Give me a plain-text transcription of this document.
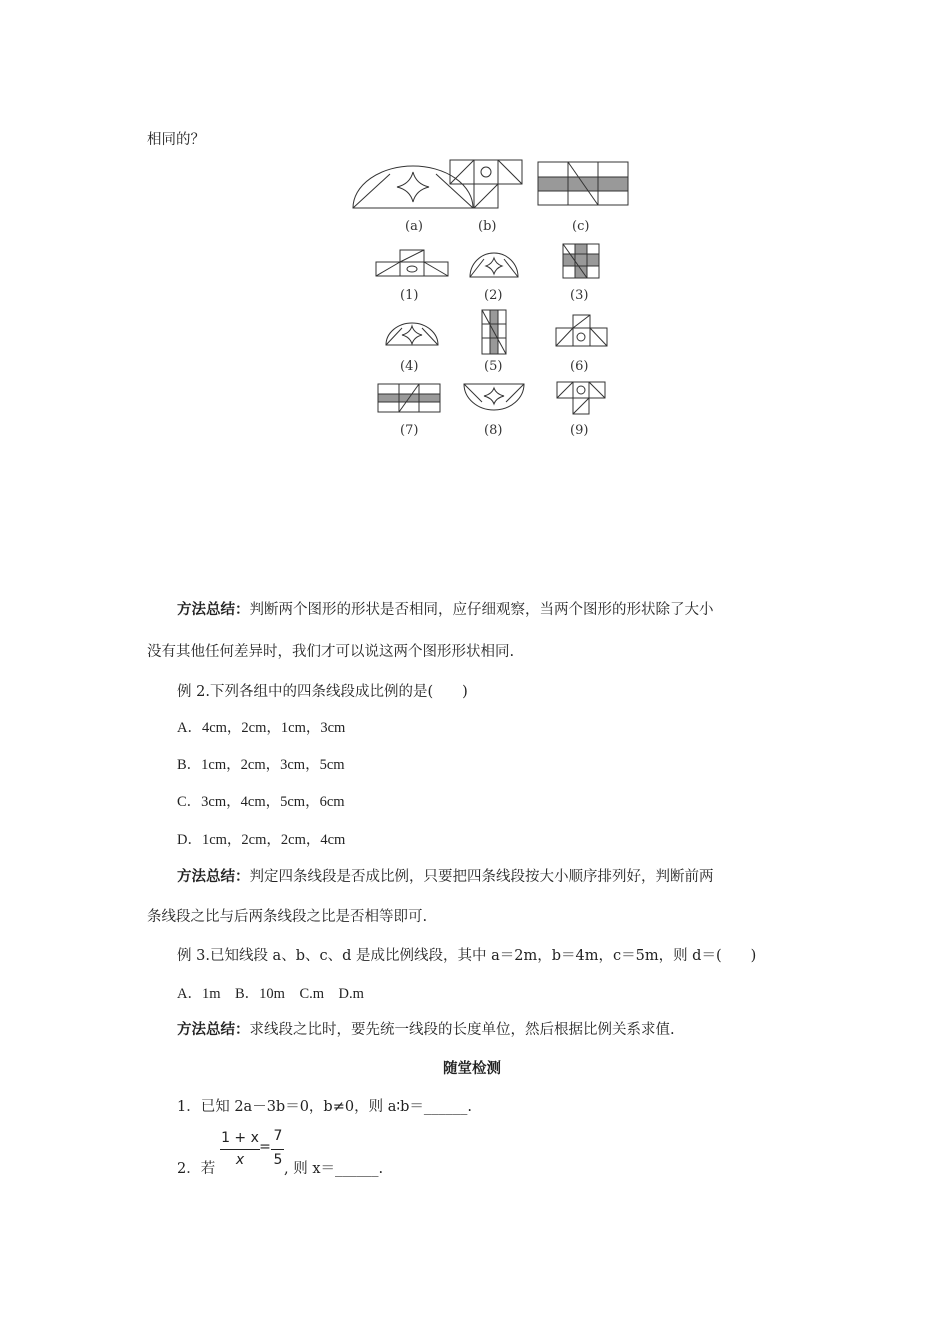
相同的？
(a)	(b)	(c)
(1)	(2)	(3)
(4)	(5)	(6)
(7)	(8)	(9)
方法总结：判断两个图形的形状是否相同，应仔细观察，当两个图形的形状除了大小
没有其他任何差异时，我们才可以说这两个图形形状相同.
例 2.下列各组中的四条线段成比例的是(　　)
A．4cm，2cm，1cm，3cm
B．1cm，2cm，3cm，5cm
C．3cm，4cm，5cm，6cm
D．1cm，2cm，2cm，4cm
方法总结：判定四条线段是否成比例，只要把四条线段按大小顺序排列好，判断前两
条线段之比与后两条线段之比是否相等即可.
例 3.已知线段 a、b、c、d 是成比例线段，其中 a＝2m，b＝4m，c＝5m，则 d＝(　　)
A．1m　B．10m　C.m　D.m
方法总结：求线段之比时，要先统一线段的长度单位，然后根据比例关系求值.
随堂检测
1．已知 2a－3b＝0，b≠0，则 a∶b＝______.
2．若
1 + x
x
=
7
5
, 则 x＝______.
